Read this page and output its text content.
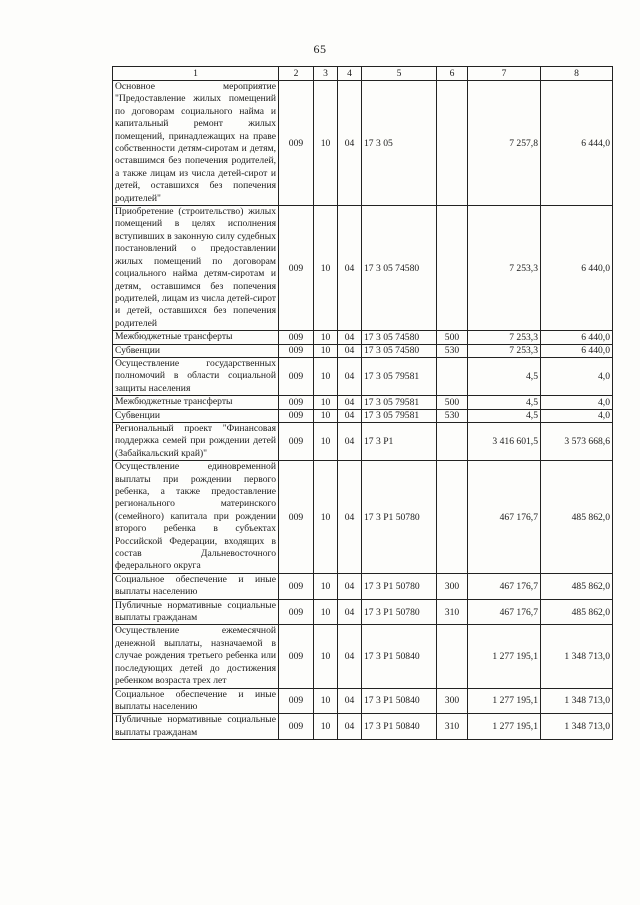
65
1	2	3	4	5	6	7	8
Основное мероприятие "Предоставление жилых помещений по договорам социального найма и капитальный ремонт жилых помещений, принадлежащих на праве собственности детям-сиротам и детям, оставшимся без попечения родителей, а также лицам из числа детей-сирот и детей, оставшихся без попечения родителей"	009	10	04	17 3 05		7 257,8	6 444,0
Приобретение (строительство) жилых помещений в целях исполнения вступивших в законную силу судебных постановлений о предоставлении жилых помещений по договорам социального найма детям-сиротам и детям, оставшимся без попечения родителей, лицам из числа детей-сирот и детей, оставшихся без попечения родителей	009	10	04	17 3 05 74580		7 253,3	6 440,0
Межбюджетные трансферты	009	10	04	17 3 05 74580	500	7 253,3	6 440,0
Субвенции	009	10	04	17 3 05 74580	530	7 253,3	6 440,0
Осуществление государственных полномочий в области социальной защиты населения	009	10	04	17 3 05 79581		4,5	4,0
Межбюджетные трансферты	009	10	04	17 3 05 79581	500	4,5	4,0
Субвенции	009	10	04	17 3 05 79581	530	4,5	4,0
Региональный проект "Финансовая поддержка семей при рождении детей (Забайкальский край)"	009	10	04	17 3 P1		3 416 601,5	3 573 668,6
Осуществление единовременной выплаты при рождении первого ребенка, а также предоставление регионального материнского (семейного) капитала при рождении второго ребенка в субъектах Российской Федерации, входящих в состав Дальневосточного федерального округа	009	10	04	17 3 P1 50780		467 176,7	485 862,0
Социальное обеспечение и иные выплаты населению	009	10	04	17 3 P1 50780	300	467 176,7	485 862,0
Публичные нормативные социальные выплаты гражданам	009	10	04	17 3 P1 50780	310	467 176,7	485 862,0
Осуществление ежемесячной денежной выплаты, назначаемой в случае рождения третьего ребенка или последующих детей до достижения ребенком возраста трех лет	009	10	04	17 3 P1 50840		1 277 195,1	1 348 713,0
Социальное обеспечение и иные выплаты населению	009	10	04	17 3 P1 50840	300	1 277 195,1	1 348 713,0
Публичные нормативные социальные выплаты гражданам	009	10	04	17 3 P1 50840	310	1 277 195,1	1 348 713,0
